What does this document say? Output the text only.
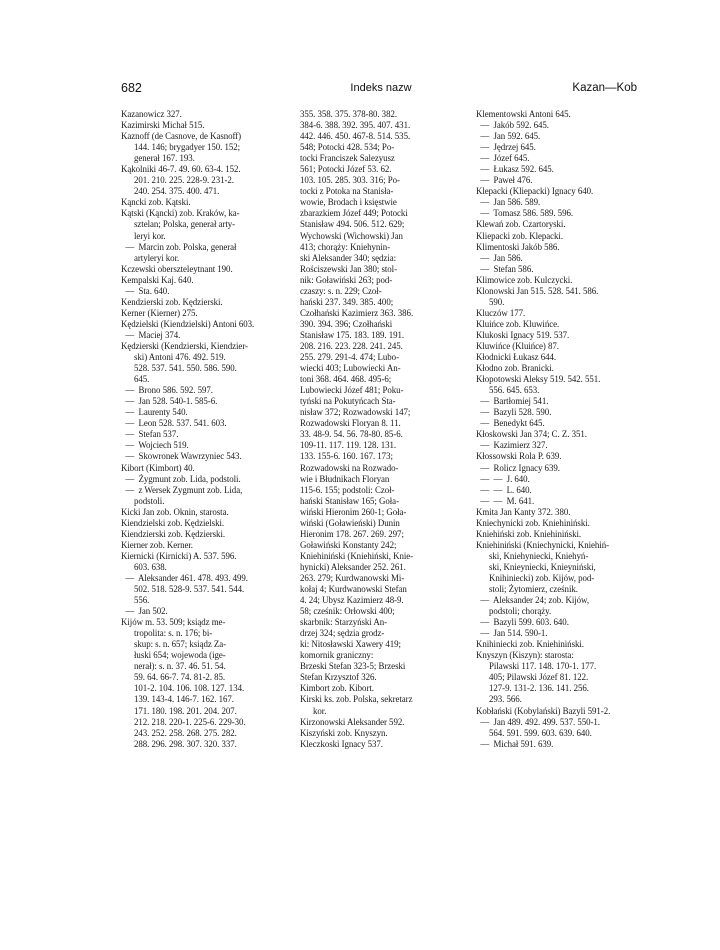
682	Indeks nazw	Kazan—Kob
Kazanowicz 327.
Kazimirski Michał 515.
Kaznoff (de Casnove, de Kasnoff)
144. 146; brygadyer 150. 152;
generał 167. 193.
Kąkolniki 46-7. 49. 60. 63-4. 152.
201. 210. 225. 228-9. 231-2.
240. 254. 375. 400. 471.
Kąncki zob. Kątski.
Kątski (Kąncki) zob. Kraków, ka-
sztelan; Polska, generał arty-
leryi kor.
—  Marcin zob. Polska, generał
artyleryi kor.
Kczewski oberszteleytnant 190.
Kempalski Kaj. 640.
—  Sta. 640.
Kendzierski zob. Kędzierski.
Kerner (Kierner) 275.
Kędzielski (Kiendzielski) Antoni 603.
—  Maciej 374.
Kędzierski (Kendzierski, Kiendzier-
ski) Antoni 476. 492. 519.
528. 537. 541. 550. 586. 590.
645.
—  Brono 586. 592. 597.
—  Jan 528. 540-1. 585-6.
—  Laurenty 540.
—  Leon 528. 537. 541. 603.
—  Stefan 537.
—  Wojciech 519.
—  Skowronek Wawrzyniec 543.
Kibort (Kimbort) 40.
—  Żygmunt zob. Lida, podstoli.
—  z Wersek Zygmunt zob. Lida,
podstoli.
Kicki Jan zob. Oknin, starosta.
Kiendzielski zob. Kędzielski.
Kiendzierski zob. Kędzierski.
Kierner zob. Kerner.
Kiernicki (Kirnicki) A. 537. 596.
603. 638.
—  Aleksander 461. 478. 493. 499.
502. 518. 528-9. 537. 541. 544.
556.
—  Jan 502.
Kijów m. 53. 509; ksiądz me-
tropolita: s. n. 176; bi-
skup: s. n. 657; ksiądz Za-
łuski 654; wojewoda (ige-
nerał): s. n. 37. 46. 51. 54.
59. 64. 66-7. 74. 81-2. 85.
101-2. 104. 106. 108. 127. 134.
139. 143-4. 146-7. 162. 167.
171. 180. 198. 201. 204. 207.
212. 218. 220-1. 225-6. 229-30.
243. 252. 258. 268. 275. 282.
288. 296. 298. 307. 320. 337.
355. 358. 375. 378-80. 382.
384-6. 388. 392. 395. 407. 431.
442. 446. 450. 467-8. 514. 535.
548; Potocki 428. 534; Po-
tocki Franciszek Salezyusz
561; Potocki Józef 53. 62.
103. 105. 285. 303. 316; Po-
tocki z Potoka na Stanisła-
wowie, Brodach i księstwie
zbarazkiem Józef 449; Potocki
Stanisław 494. 506. 512. 629;
Wychowski (Wichowski) Jan
413; chorąży: Kniehynin-
ski Aleksander 340; sędzia:
Rościszewski Jan 380; stol-
nik: Goławiński 263; pod-
czaszy: s. n. 229; Czoł-
hański 237. 349. 385. 400;
Czołhański Kazimierz 363. 386.
390. 394. 396; Czołhański
Stanisław 175. 183. 189. 191.
208. 216. 223. 228. 241. 245.
255. 279. 291-4. 474; Lubo-
wiecki 403; Lubowiecki An-
toni 368. 464. 468. 495-6;
Lubowiecki Józef 481; Poku-
tyński na Pokutyńcach Sta-
nisław 372; Rozwadowski 147;
Rozwadowski Floryan 8. 11.
33. 48-9. 54. 56. 78-80. 85-6.
109-11. 117. 119. 128. 131.
133. 155-6. 160. 167. 173;
Rozwadowski na Rozwado-
wie i Błudnikach Floryan
115-6. 155; podstoli: Czoł-
hański Stanisław 165; Goła-
wiński Hieronim 260-1; Goła-
wiński (Goławieński) Dunin
Hieronim 178. 267. 269. 297;
Goławiński Konstanty 242;
Kniehiniński (Kniehiński, Knie-
hynicki) Aleksander 252. 261.
263. 279; Kurdwanowski Mi-
kołaj 4; Kurdwanowski Stefan
4. 24; Ubysz Kazimierz 48-9.
58; cześnik: Orłowski 400;
skarbnik: Starzyński An-
drzej 324; sędzia grodz-
ki: Nitosławski Xawery 419;
komornik graniczny:
Brzeski Stefan 323-5; Brzeski
Stefan Krzysztof 326.
Kimbort zob. Kibort.
Kirski ks. zob. Polska, sekretarz
kor.
Kirzonowski Aleksander 592.
Kiszyński zob. Knyszyn.
Kleczkoski Ignacy 537.
Klementowski Antoni 645.
—  Jakób 592. 645.
—  Jan 592. 645.
—  Jędrzej 645.
—  Józef 645.
—  Łukasz 592. 645.
—  Paweł 476.
Klepacki (Kliepacki) Ignacy 640.
—  Jan 586. 589.
—  Tomasz 586. 589. 596.
Klewań zob. Czartoryski.
Kliepacki zob. Klepacki.
Klimentoski Jakób 586.
—  Jan 586.
—  Stefan 586.
Klimowice zob. Kulczycki.
Klonowski Jan 515. 528. 541. 586.
590.
Kluczów 177.
Kluińce zob. Kluwińce.
Klukoski Ignacy 519. 537.
Kluwińce (Kluińce) 87.
Kłodnicki Łukasz 644.
Kłodno zob. Branicki.
Kłopotowski Aleksy 519. 542. 551.
556. 645. 653.
—  Bartłomiej 541.
—  Bazyli 528. 590.
—  Benedykt 645.
Kłoskowski Jan 374; C. Z. 351.
—  Kazimierz 327.
Kłossowski Rola P. 639.
—  Rolicz Ignacy 639.
—  —  J. 640.
—  —  L. 640.
—  —  M. 641.
Kmita Jan Kanty 372. 380.
Kniechynicki zob. Kniehiniński.
Kniehiński zob. Kniehiniński.
Kniehiniński (Kniechynicki, Kniehiń-
ski, Kniehyniecki, Kniehyń-
ski, Knieyniecki, Knieyniński,
Knihiniecki) zob. Kijów, pod-
stoli; Żytomierz, cześnik.
—  Aleksander 24; zob. Kijów,
podstoli; chorąży.
—  Bazyli 599. 603. 640.
—  Jan 514. 590-1.
Knihiniecki zob. Kniehiniński.
Knyszyn (Kiszyn): starosta:
Pilawski 117. 148. 170-1. 177.
405; Pilawski Józef 81. 122.
127-9. 131-2. 136. 141. 256.
293. 566.
Kobłański (Kobylański) Bazyli 591-2.
—  Jan 489. 492. 499. 537. 550-1.
564. 591. 599. 603. 639. 640.
—  Michał 591. 639.
